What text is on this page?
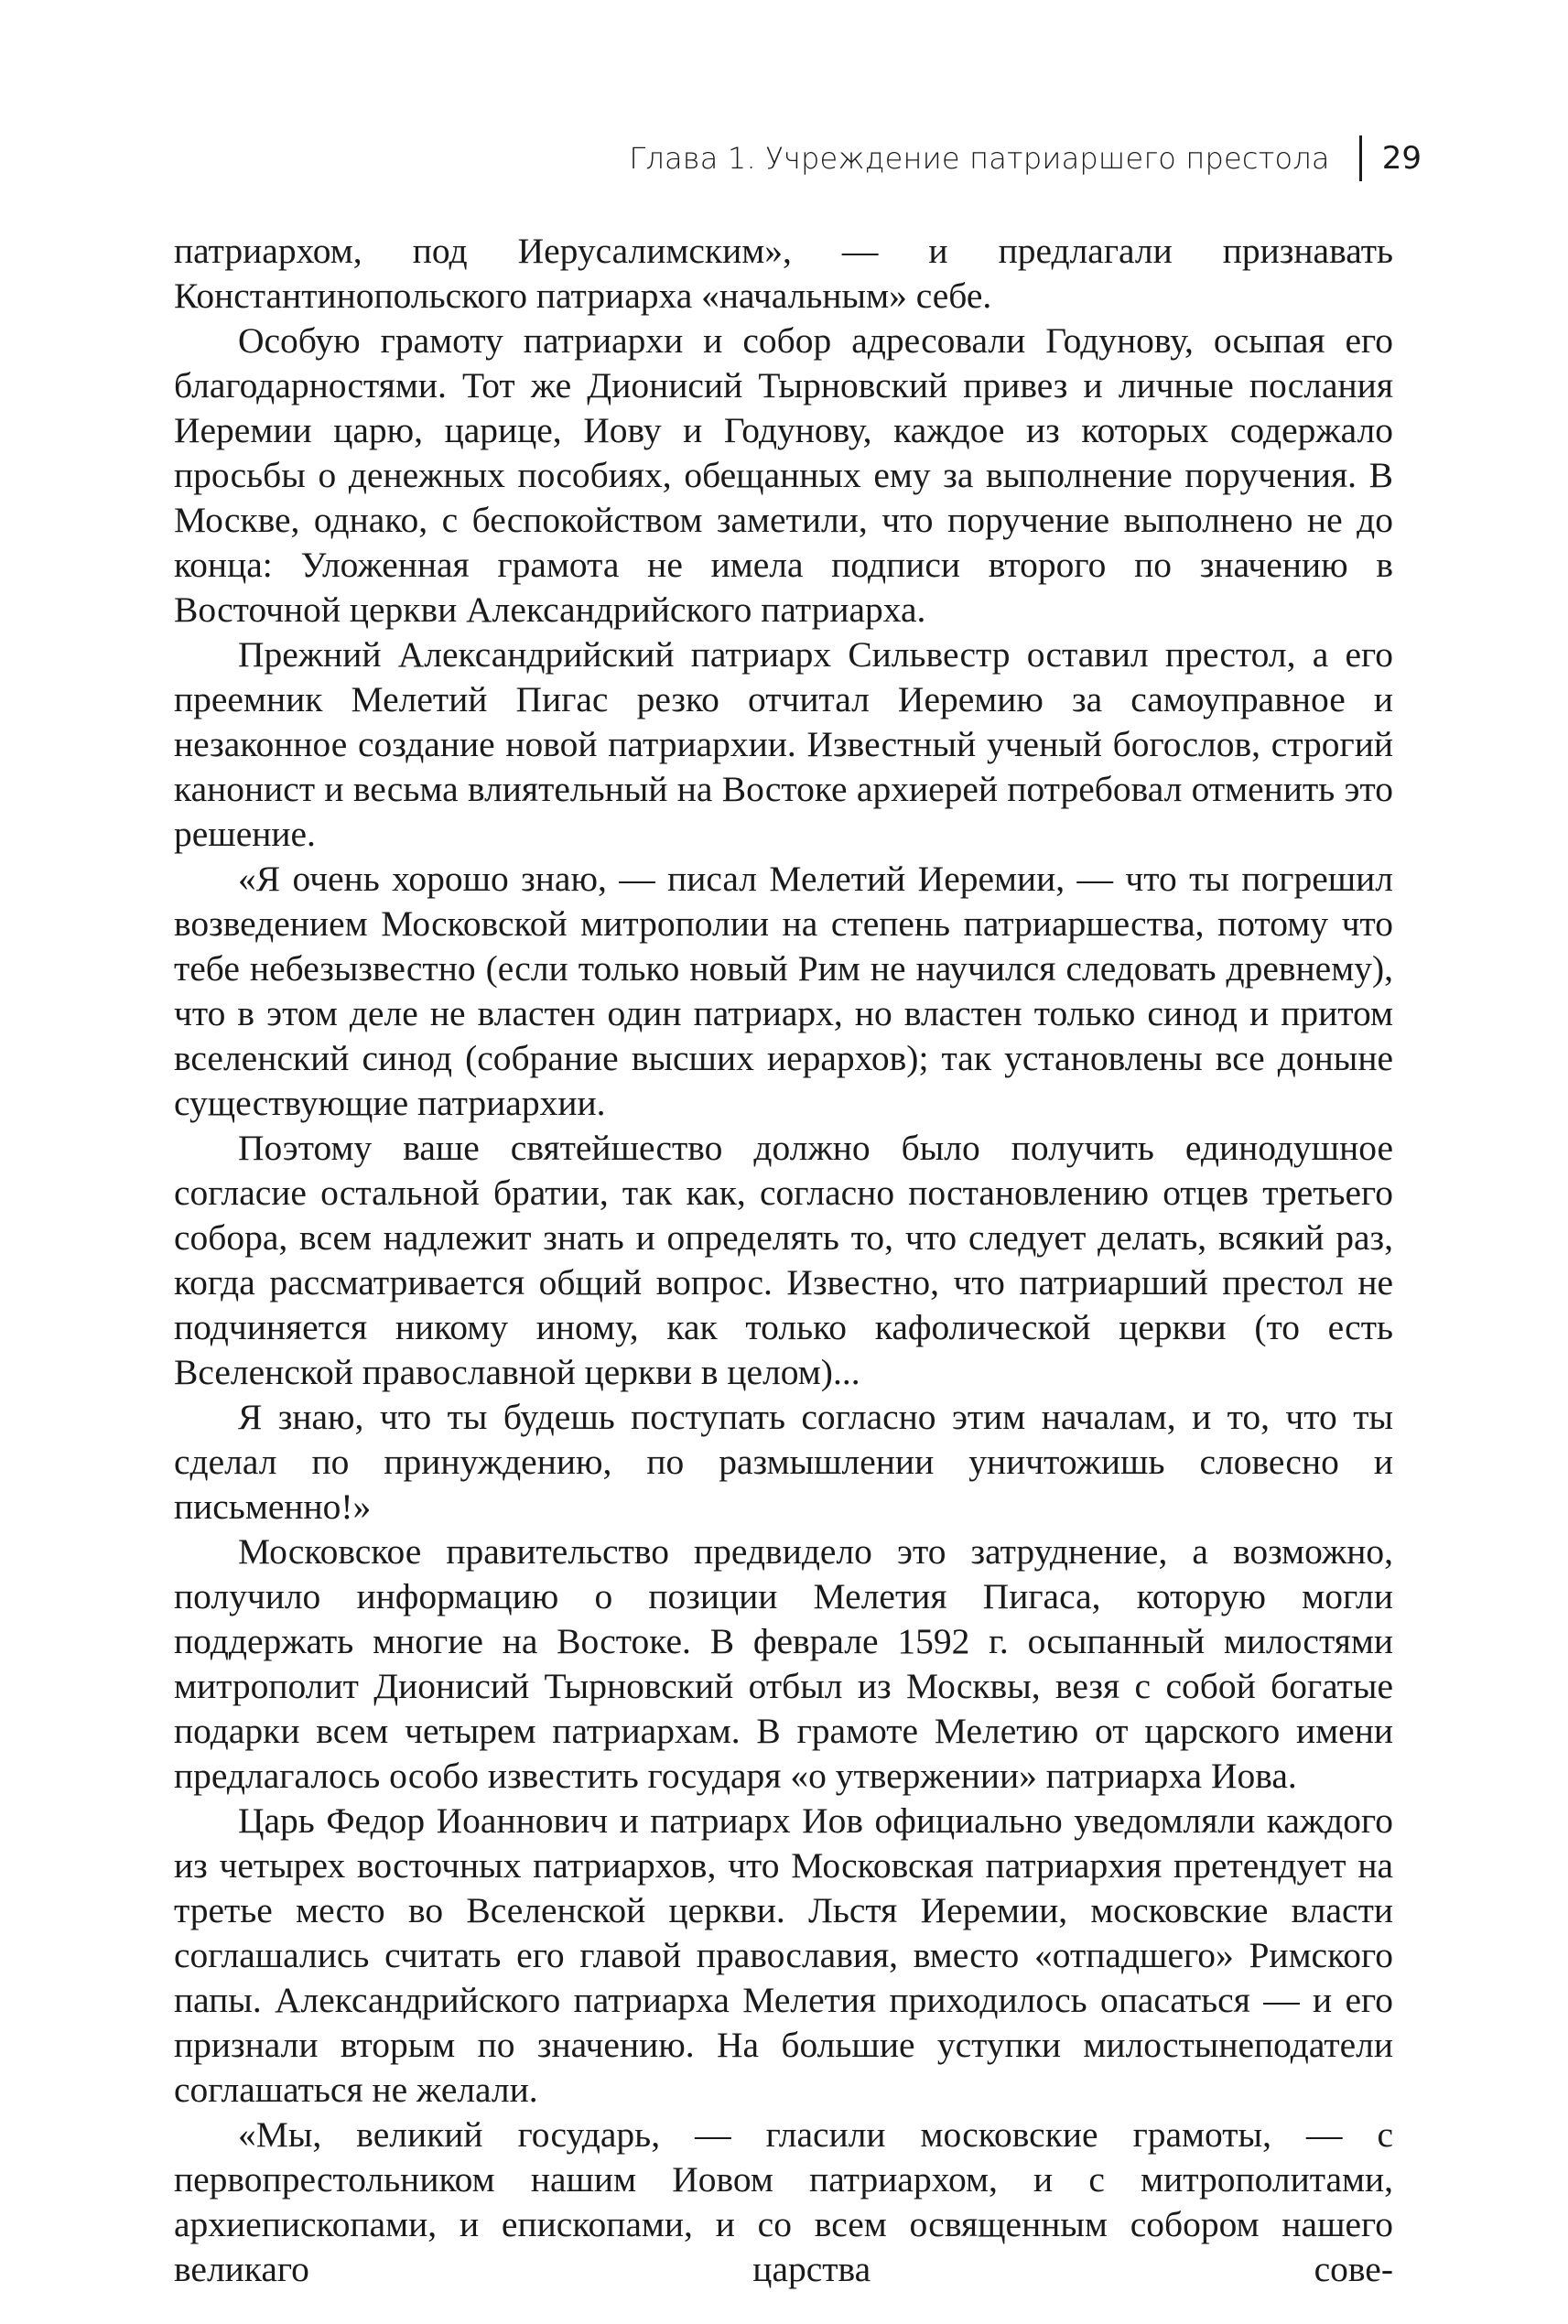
Глава 1. Учреждение патриаршего престола 29

патриархом, под Иерусалимским», — и предлагали признавать Константинопольского патриарха «начальным» себе.

Особую грамоту патриархи и собор адресовали Годунову, осыпая его благодарностями. Тот же Дионисий Тырновский привез и личные послания Иеремии царю, царице, Иову и Годунову, каждое из которых содержало просьбы о денежных пособиях, обещанных ему за выполнение поручения. В Москве, однако, с беспокойством заметили, что поручение выполнено не до конца: Уложенная грамота не имела подписи второго по значению в Восточной церкви Александрийского патриарха.

Прежний Александрийский патриарх Сильвестр оставил престол, а его преемник Мелетий Пигас резко отчитал Иеремию за самоуправное и незаконное создание новой патриархии. Известный ученый богослов, строгий канонист и весьма влиятельный на Востоке архиерей потребовал отменить это решение.

«Я очень хорошо знаю, — писал Мелетий Иеремии, — что ты погрешил возведением Московской митрополии на степень патриаршества, потому что тебе небезызвестно (если только новый Рим не научился следовать древнему), что в этом деле не властен один патриарх, но властен только синод и притом вселенский синод (собрание высших иерархов); так установлены все доныне существующие патриархии.

Поэтому ваше святейшество должно было получить единодушное согласие остальной братии, так как, согласно постановлению отцев третьего собора, всем надлежит знать и определять то, что следует делать, всякий раз, когда рассматривается общий вопрос. Известно, что патриарший престол не подчиняется никому иному, как только кафолической церкви (то есть Вселенской православной церкви в целом)...

Я знаю, что ты будешь поступать согласно этим началам, и то, что ты сделал по принуждению, по размышлении уничтожишь словесно и письменно!»

Московское правительство предвидело это затруднение, а возможно, получило информацию о позиции Мелетия Пигаса, которую могли поддержать многие на Востоке. В феврале 1592 г. осыпанный милостями митрополит Дионисий Тырновский отбыл из Москвы, везя с собой богатые подарки всем четырем патриархам. В грамоте Мелетию от царского имени предлагалось особо известить государя «о утвержении» патриарха Иова.

Царь Федор Иоаннович и патриарх Иов официально уведомляли каждого из четырех восточных патриархов, что Московская патриархия претендует на третье место во Вселенской церкви. Льстя Иеремии, московские власти соглашались считать его главой православия, вместо «отпадшего» Римского папы. Александрийского патриарха Мелетия приходилось опасаться — и его признали вторым по значению. На большие уступки милостынеподатели соглашаться не желали.

«Мы, великий государь, — гласили московские грамоты, — с первопрестольником нашим Иовом патриархом, и с митрополитами, архиепископами, и епископами, и со всем освященным собором нашего великаго царства сове-
